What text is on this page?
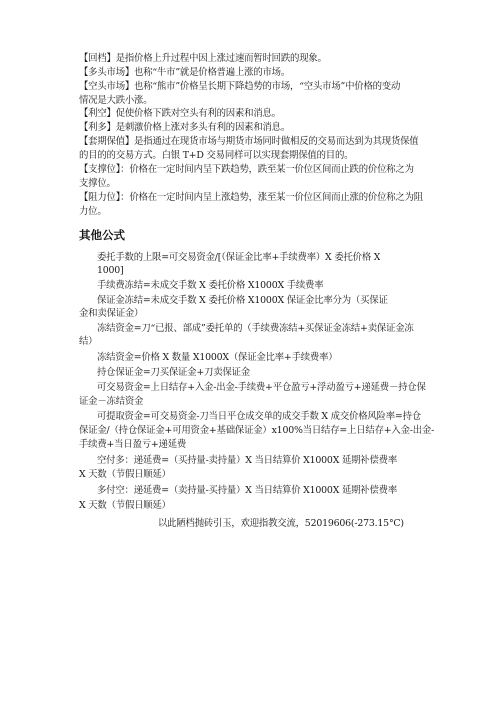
【回档】是指价格上升过程中因上涨过速而暂时回跌的现象。
【多头市场】也称“牛市”就是价格普遍上涨的市场。
【空头市场】也称“熊市”价格呈长期下降趋势的市场，“空头市场”中价格的变动
情况是大跌小涨。
【利空】促使价格下跌对空头有利的因素和消息。
【利多】是刺激价格上涨对多头有利的因素和消息。
【套期保值】是指通过在现货市场与期货市场同时做相反的交易而达到为其现货保值
的目的的交易方式。白银 T+D 交易同样可以实现套期保值的目的。
【支撑位】：价格在一定时间内呈下跌趋势，跌至某一价位区间而止跌的价位称之为
支撑位。
【阻力位】：价格在一定时间内呈上涨趋势，涨至某一价位区间而止涨的价位称之为阻
力位。
其他公式
委托手数的上限=可交易资金/[（保证金比率+手续费率）X 委托价格 X
1000]
手续费冻结=未成交手数 X 委托价格 X1000X 手续费率
保证金冻结=未成交手数 X 委托价格 X1000X 保证金比率分为（买保证
金和卖保证金）
冻结资金=刀“已报、部成”委托单的（手续费冻结+买保证金冻结+卖保证金冻
结）
冻结资金=价格 X 数量 X1000X（保证金比率+手续费率）
持仓保证金=刀买保证金+刀卖保证金
可交易资金=上日结存+入金-出金-手续费+平仓盈亏+浮动盈亏+递延费－持仓保
证金－冻结资金
可提取资金=可交易资金-刀当日平仓成交单的成交手数 X 成交价格风险率=持仓
保证金/（持仓保证金+可用资金+基础保证金）x100%当日结存=上日结存+入金-出金-
手续费+当日盈亏+递延费
空付多：递延费=（买持量-卖持量）X 当日结算价 X1000X 延期补偿费率
X 天数（节假日顺延）
多付空：递延费=（卖持量-买持量）X 当日结算价 X1000X 延期补偿费率
X 天数（节假日顺延）
以此陋档抛砖引玉，欢迎指教交流，52019606(-273.15°C)
